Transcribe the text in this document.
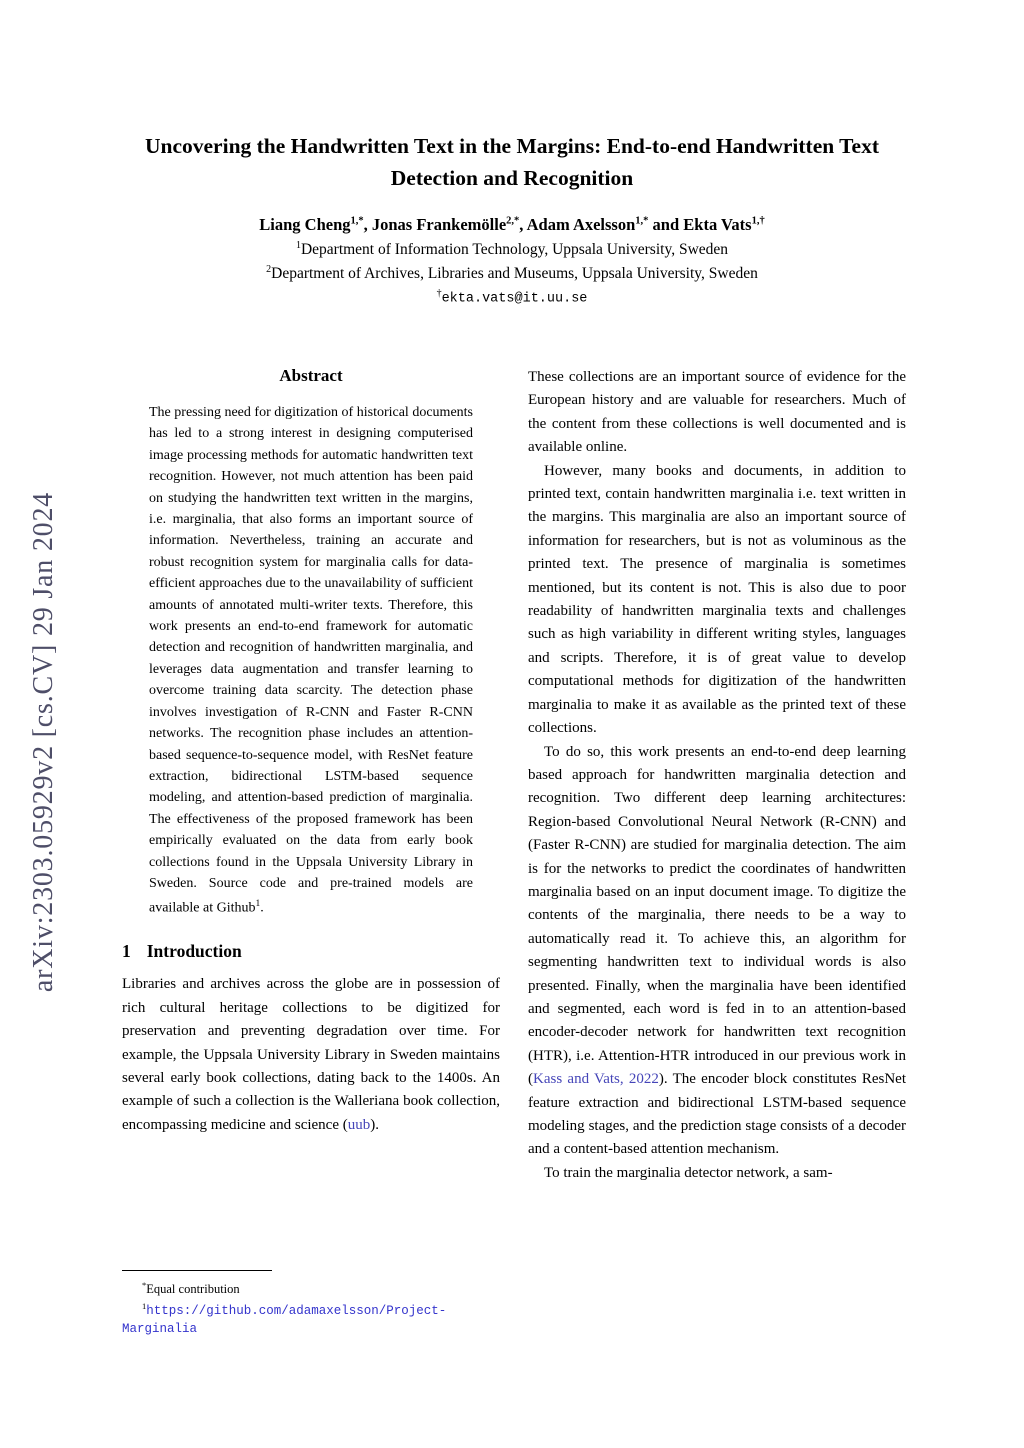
arXiv:2303.05929v2 [cs.CV] 29 Jan 2024
Uncovering the Handwritten Text in the Margins: End-to-end Handwritten Text Detection and Recognition
Liang Cheng$^{1,*}$, Jonas Frankemölle$^{2,*}$, Adam Axelsson$^{1,*}$ and Ekta Vats$^{1,\dagger}$
$^1$Department of Information Technology, Uppsala University, Sweden
$^2$Department of Archives, Libraries and Museums, Uppsala University, Sweden
†ekta.vats@it.uu.se
Abstract

The pressing need for digitization of historical documents has led to a strong interest in designing computerised image processing methods for automatic handwritten text recognition. However, not much attention has been paid on studying the handwritten text written in the margins, i.e. marginalia, that also forms an important source of information. Nevertheless, training an accurate and robust recognition system for marginalia calls for data-efficient approaches due to the unavailability of sufficient amounts of annotated multi-writer texts. Therefore, this work presents an end-to-end framework for automatic detection and recognition of handwritten marginalia, and leverages data augmentation and transfer learning to overcome training data scarcity. The detection phase involves investigation of R-CNN and Faster R-CNN networks. The recognition phase includes an attention-based sequence-to-sequence model, with ResNet feature extraction, bidirectional LSTM-based sequence modeling, and attention-based prediction of marginalia. The effectiveness of the proposed framework has been empirically evaluated on the data from early book collections found in the Uppsala University Library in Sweden. Source code and pre-trained models are available at Github$^1$.

1 Introduction

Libraries and archives across the globe are in possession of rich cultural heritage collections to be digitized for preservation and preventing degradation over time. For example, the Uppsala University Library in Sweden maintains several early book collections, dating back to the 1400s. An example of such a collection is the Walleriana book collection, encompassing medicine and science (uub).

*Equal contribution

$^1$https://github.com/adamaxelsson/Project-Marginalia

These collections are an important source of evidence for the European history and are valuable for researchers. Much of the content from these collections is well documented and is available online.

However, many books and documents, in addition to printed text, contain handwritten marginalia i.e. text written in the margins. This marginalia are also an important source of information for researchers, but is not as voluminous as the printed text. The presence of marginalia is sometimes mentioned, but its content is not. This is also due to poor readability of handwritten marginalia texts and challenges such as high variability in different writing styles, languages and scripts. Therefore, it is of great value to develop computational methods for digitization of the handwritten marginalia to make it as available as the printed text of these collections.

To do so, this work presents an end-to-end deep learning based approach for handwritten marginalia detection and recognition. Two different deep learning architectures: Region-based Convolutional Neural Network (R-CNN) and (Faster R-CNN) are studied for marginalia detection. The aim is for the networks to predict the coordinates of handwritten marginalia based on an input document image. To digitize the contents of the marginalia, there needs to be a way to automatically read it. To achieve this, an algorithm for segmenting handwritten text to individual words is also presented. Finally, when the marginalia have been identified and segmented, each word is fed in to an attention-based encoder-decoder network for handwritten text recognition (HTR), i.e. Attention-HTR introduced in our previous work in (Kass and Vats, 2022). The encoder block constitutes ResNet feature extraction and bidirectional LSTM-based sequence modeling stages, and the prediction stage consists of a decoder and a content-based attention mechanism.

To train the marginalia detector network, a sam-
